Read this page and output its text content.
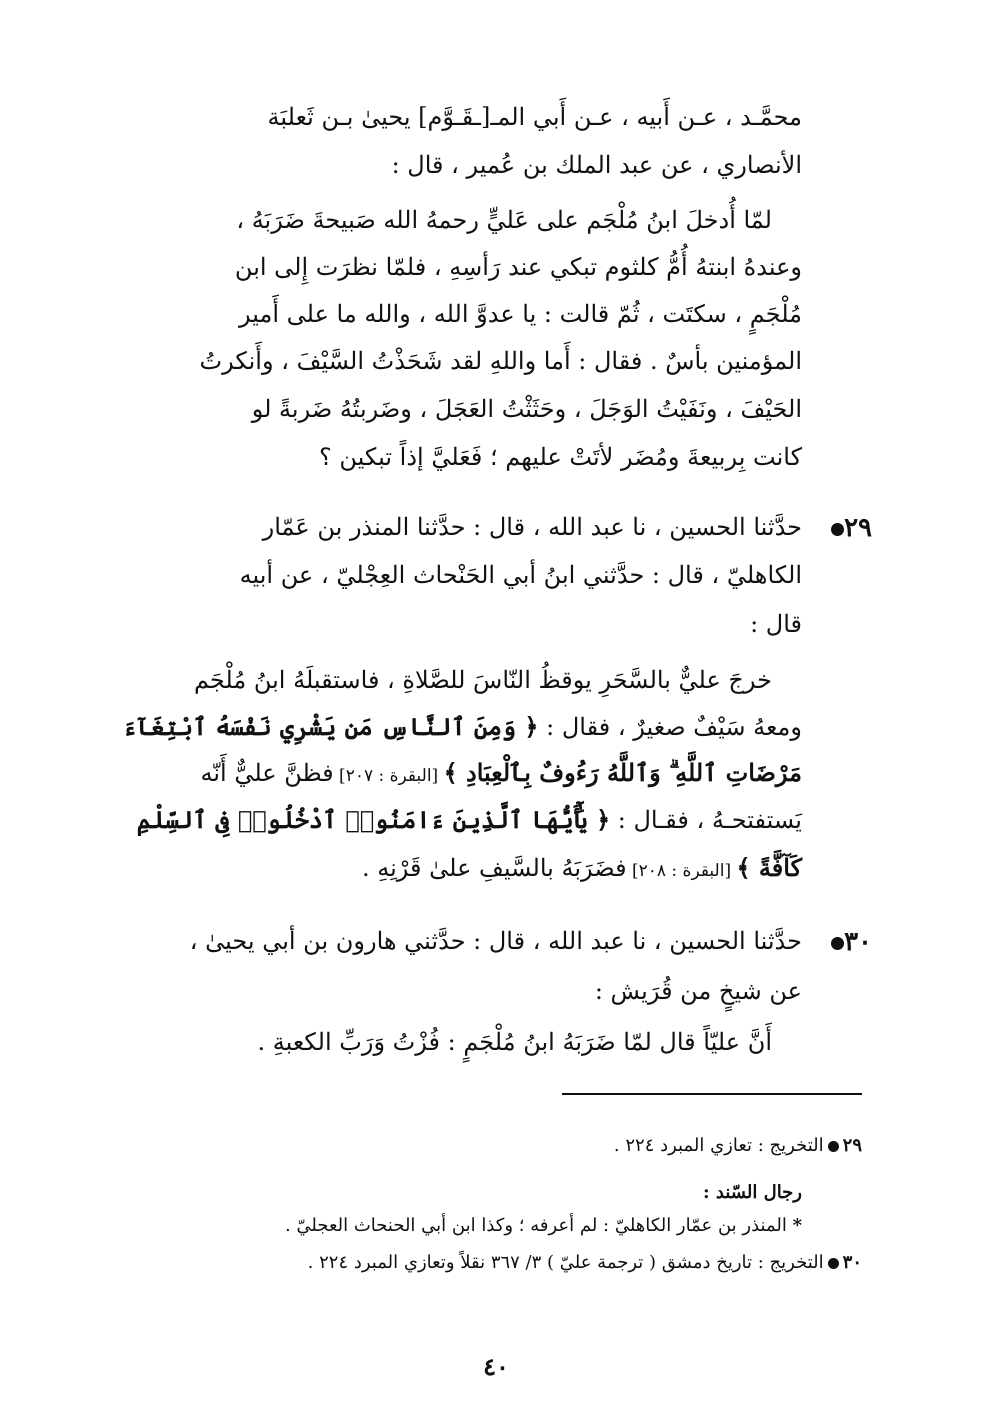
محمَّـد ، عـن أَبيه ، عـن أَبي المـ[ـقَـوَّم] يحيىٰ بـن ثَعلبَة
الأنصاري ، عن عبد الملك بن عُمير ، قال :
لمّا أُدخلَ ابنُ مُلْجَم على عَليٍّ رحمهُ الله صَبيحةَ ضَرَبَهُ ،
وعندهُ ابنتهُ أُمُّ كلثوم تبكي عند رَأسِهِ ، فلمّا نظرَت إِلى ابن
مُلْجَمٍ ، سكتَت ، ثُمّ قالت : يا عدوَّ الله ، والله ما على أَمير
المؤمنين بأسٌ . فقال : أَما واللهِ لقد شَحَذْتُ السَّيْفَ ، وأَنكرتُ
الحَيْفَ ، ونَفَيْتُ الوَجَلَ ، وحَثَثْتُ العَجَلَ ، وضَربتُهُ ضَربةً لو
كانت بِربيعةَ ومُضَر لأتَتْ عليهم ؛ فَعَليَّ إذاً تبكين ؟
٢٩
حدَّثنا الحسين ، نا عبد الله ، قال : حدَّثنا المنذر بن عَمّار
الكاهليّ ، قال : حدَّثني ابنُ أبي الحَنْحاث العِجْليّ ، عن أبيه
قال :
خرجَ عليٌّ بالسَّحَرِ يوقظُ النّاسَ للصَّلاةِ ، فاستقبلَهُ ابنُ مُلْجَم
ومعهُ سَيْفٌ صغيرٌ ، فقال : ﴿ وَمِنَ ٱلنَّاسِ مَن يَشْرِي نَفْسَهُ ٱبْتِغَآءَ
مَرْضَاتِ ٱللَّهِ ۗ وَٱللَّهُ رَءُوفٌ بِٱلْعِبَادِ ﴾ [البقرة : ٢٠٧] فظنَّ عليٌّ أَنّه
يَستفتحـهُ ، فقـال : ﴿ يَٰٓأَيُّهَا ٱلَّذِينَ ءَامَنُوا۟ ٱدْخُلُوا۟ فِى ٱلسِّلْمِ
كَآفَّةً ﴾ [البقرة : ٢٠٨] فضَرَبَهُ بالسَّيفِ علىٰ قَرْنِهِ .
٣٠
حدَّثنا الحسين ، نا عبد الله ، قال : حدَّثني هارون بن أبي يحيىٰ ،
عن شيخٍ من قُرَيش :
أَنَّ عليّاً قال لمّا ضَرَبَهُ ابنُ مُلْجَمٍ : فُزْتُ وَرَبِّ الكعبةِ .
٢٩التخريج : تعازي المبرد ٢٢٤ .
رجال السّند :
* المنذر بن عمّار الكاهليّ : لم أعرفه ؛ وكذا ابن أبي الحنحاث العجليّ .
٣٠التخريج : تاريخ دمشق ( ترجمة عليّ ) ٣/ ٣٦٧ نقلاً وتعازي المبرد ٢٢٤ .
٤٠
